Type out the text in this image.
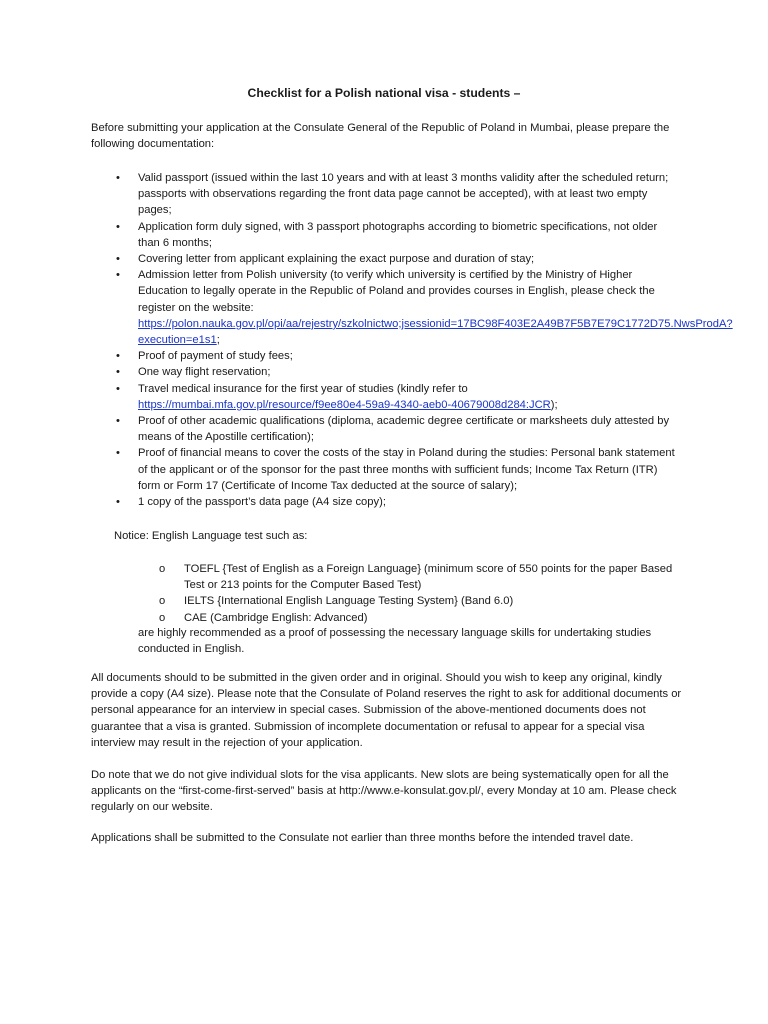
Checklist for a Polish national visa - students –
Before submitting your application at the Consulate General of the Republic of Poland in Mumbai, please prepare the following documentation:
•	Valid passport (issued within the last 10 years and with at least 3 months validity after the scheduled return; passports with observations regarding the front data page cannot be accepted), with at least two empty pages;
•	Application form duly signed, with 3 passport photographs according to biometric specifications, not older than 6 months;
•	Covering letter from applicant explaining the exact purpose and duration of stay;
•	Admission letter from Polish university (to verify which university is certified by the Ministry of Higher Education to legally operate in the Republic of Poland and provides courses in English, please check the register on the website:
https://polon.nauka.gov.pl/opi/aa/rejestry/szkolnictwo;jsessionid=17BC98F403E2A49B7F5B7E79C1772D75.NwsProdA?execution=e1s1;
•	Proof of payment of study fees;
•	One way flight reservation;
•	Travel medical insurance for the first year of studies (kindly refer to
https://mumbai.mfa.gov.pl/resource/f9ee80e4-59a9-4340-aeb0-40679008d284:JCR);
•	Proof of other academic qualifications (diploma, academic degree certificate or marksheets duly attested by means of the Apostille certification);
•	Proof of financial means to cover the costs of the stay in Poland during the studies: Personal bank statement of the applicant or of the sponsor for the past three months with sufficient funds; Income Tax Return (ITR) form or Form 17 (Certificate of Income Tax deducted at the source of salary);
•	1 copy of the passport’s data page (A4 size copy);
Notice: English Language test such as:
o TOEFL {Test of English as a Foreign Language} (minimum score of 550 points for the paper Based Test or 213 points for the Computer Based Test)
o IELTS {International English Language Testing System} (Band 6.0)
o CAE (Cambridge English: Advanced)
are highly recommended as a proof of possessing the necessary language skills for undertaking studies conducted in English.
All documents should to be submitted in the given order and in original. Should you wish to keep any original, kindly provide a copy (A4 size). Please note that the Consulate of Poland reserves the right to ask for additional documents or personal appearance for an interview in special cases. Submission of the above-mentioned documents does not guarantee that a visa is granted. Submission of incomplete documentation or refusal to appear for a special visa interview may result in the rejection of your application.
Do note that we do not give individual slots for the visa applicants. New slots are being systematically open for all the applicants on the “first-come-first-served” basis at http://www.e-konsulat.gov.pl/, every Monday at 10 am. Please check regularly on our website.
Applications shall be submitted to the Consulate not earlier than three months before the intended travel date.
